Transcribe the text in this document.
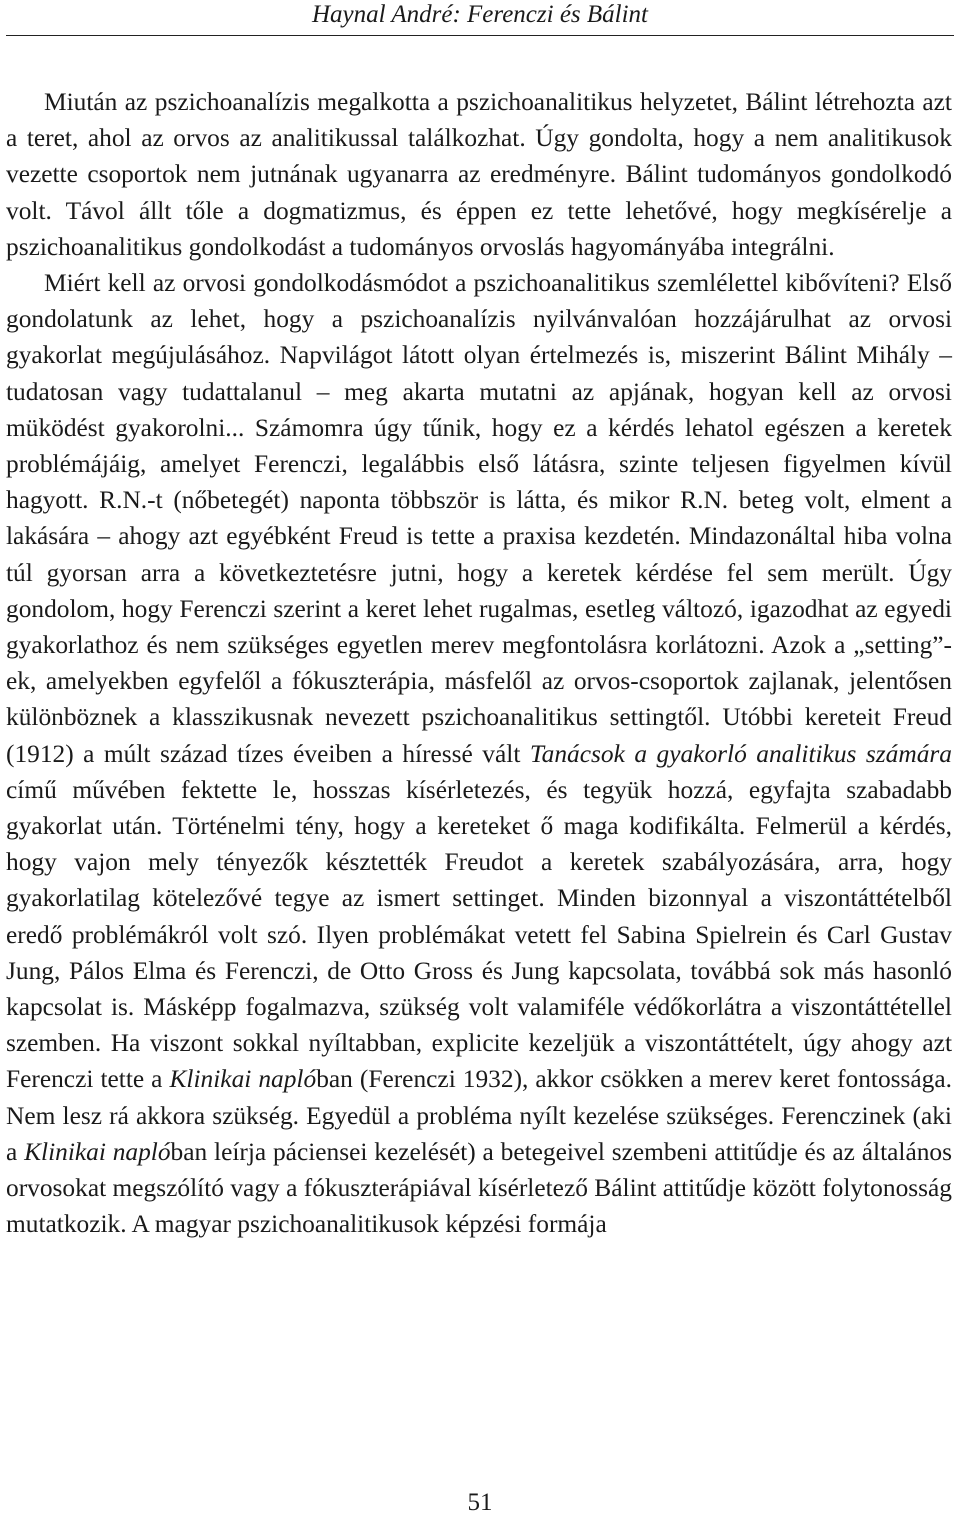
Haynal André: Ferenczi és Bálint

Miután az pszichoanalízis megalkotta a pszichoanalitikus helyzetet, Bálint létrehozta azt a teret, ahol az orvos az analitikussal találkozhat. Úgy gondolta, hogy a nem analitikusok vezette csoportok nem jutnának ugyanarra az eredményre. Bálint tudományos gondolkodó volt. Távol állt tőle a dogmatizmus, és éppen ez tette lehetővé, hogy megkísérelje a pszichoanalitikus gondolkodást a tudományos orvoslás hagyományába integrálni.

Miért kell az orvosi gondolkodásmódot a pszichoanalitikus szemlélettel kibővíteni? Első gondolatunk az lehet, hogy a pszichoanalízis nyilvánvalóan hozzájárulhat az orvosi gyakorlat megújulásához. Napvilágot látott olyan értelmezés is, miszerint Bálint Mihály – tudatosan vagy tudattalanul – meg akarta mutatni az apjának, hogyan kell az orvosi müködést gyakorolni... Számomra úgy tűnik, hogy ez a kérdés lehatol egészen a keretek problémájáig, amelyet Ferenczi, legalábbis első látásra, szinte teljesen figyelmen kívül hagyott. R.N.-t (nőbetegét) naponta többször is látta, és mikor R.N. beteg volt, elment a lakására – ahogy azt egyébként Freud is tette a praxisa kezdetén. Mindazonáltal hiba volna túl gyorsan arra a következtetésre jutni, hogy a keretek kérdése fel sem merült. Úgy gondolom, hogy Ferenczi szerint a keret lehet rugalmas, esetleg változó, igazodhat az egyedi gyakorlathoz és nem szükséges egyetlen merev megfontolásra korlátozni. Azok a „setting”-ek, amelyekben egyfelől a fókuszterápia, másfelől az orvos-csoportok zajlanak, jelentősen különböznek a klasszikusnak nevezett pszichoanalitikus settingtől. Utóbbi kereteit Freud (1912) a múlt század tízes éveiben a híressé vált Tanácsok a gyakorló analitikus számára című művében fektette le, hosszas kísérletezés, és tegyük hozzá, egyfajta szabadabb gyakorlat után. Történelmi tény, hogy a kereteket ő maga kodifikálta. Felmerül a kérdés, hogy vajon mely tényezők késztették Freudot a keretek szabályozására, arra, hogy gyakorlatilag kötelezővé tegye az ismert settinget. Minden bizonnyal a viszontáttételből eredő problémákról volt szó. Ilyen problémákat vetett fel Sabina Spielrein és Carl Gustav Jung, Pálos Elma és Ferenczi, de Otto Gross és Jung kapcsolata, továbbá sok más hasonló kapcsolat is. Másképp fogalmazva, szükség volt valamiféle védőkorlátra a viszontáttétellel szemben. Ha viszont sokkal nyíltabban, explicite kezeljük a viszontáttételt, úgy ahogy azt Ferenczi tette a Klinikai naplóban (Ferenczi 1932), akkor csökken a merev keret fontossága. Nem lesz rá akkora szükség. Egyedül a probléma nyílt kezelése szükséges. Ferenczinek (aki a Klinikai naplóban leírja páciensei kezelését) a betegeivel szembeni attitűdje és az általános orvosokat megszólító vagy a fókuszterápiával kísérletező Bálint attitűdje között folytonosság mutatkozik. A magyar pszichoanalitikusok képzési formája

51
